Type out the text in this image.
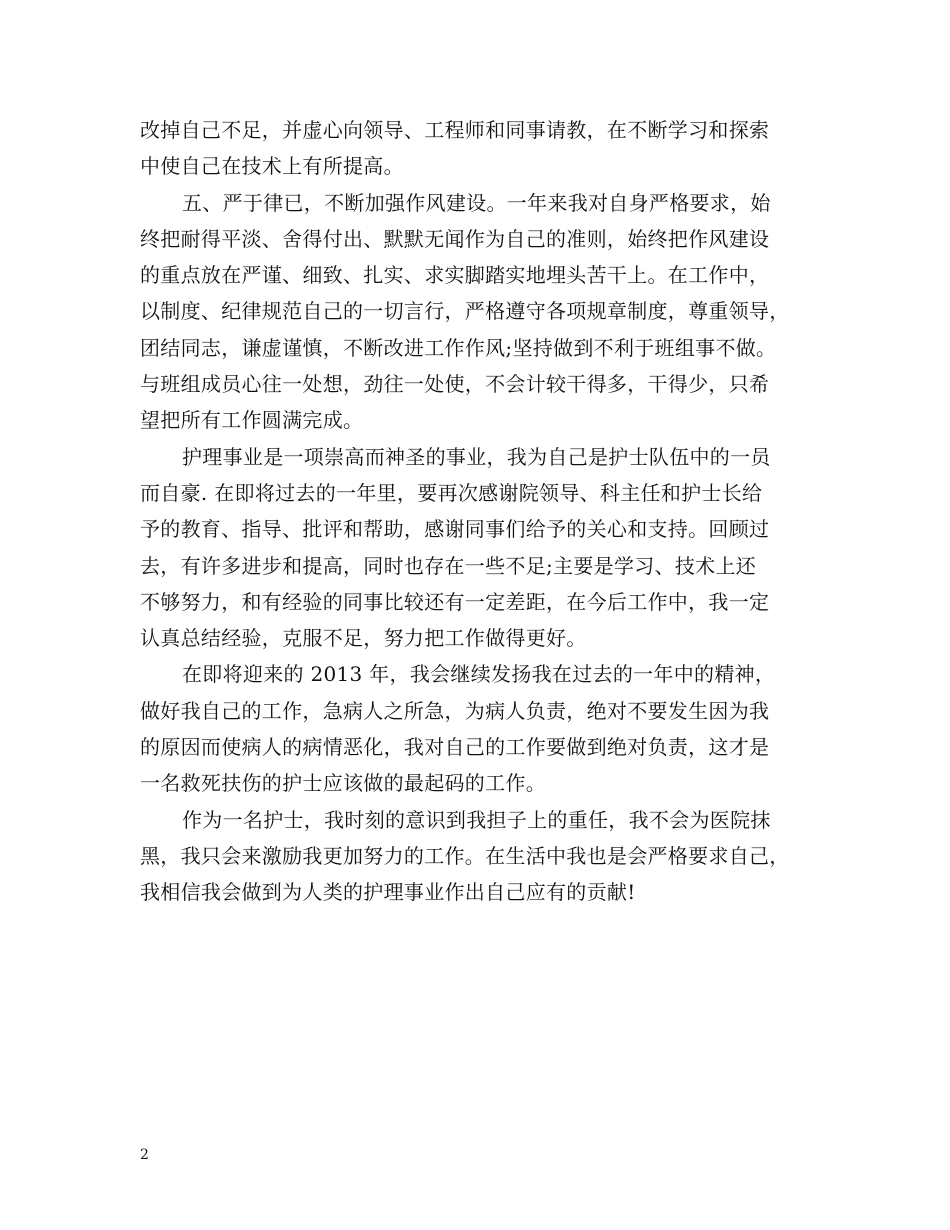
改掉自己不足，并虚心向领导、工程师和同事请教，在不断学习和探索
中使自己在技术上有所提高。
五、严于律已，不断加强作风建设。一年来我对自身严格要求，始
终把耐得平淡、舍得付出、默默无闻作为自己的准则，始终把作风建设
的重点放在严谨、细致、扎实、求实脚踏实地埋头苦干上。在工作中，
以制度、纪律规范自己的一切言行，严格遵守各项规章制度，尊重领导，
团结同志，谦虚谨慎，不断改进工作作风;坚持做到不利于班组事不做。
与班组成员心往一处想，劲往一处使，不会计较干得多，干得少，只希
望把所有工作圆满完成。
护理事业是一项崇高而神圣的事业，我为自己是护士队伍中的一员
而自豪. 在即将过去的一年里，要再次感谢院领导、科主任和护士长给
予的教育、指导、批评和帮助，感谢同事们给予的关心和支持。回顾过
去，有许多进步和提高，同时也存在一些不足;主要是学习、技术上还
不够努力，和有经验的同事比较还有一定差距，在今后工作中，我一定
认真总结经验，克服不足，努力把工作做得更好。
在即将迎来的 2013 年，我会继续发扬我在过去的一年中的精神，
做好我自己的工作，急病人之所急，为病人负责，绝对不要发生因为我
的原因而使病人的病情恶化，我对自己的工作要做到绝对负责，这才是
一名救死扶伤的护士应该做的最起码的工作。
作为一名护士，我时刻的意识到我担子上的重任，我不会为医院抹
黑，我只会来激励我更加努力的工作。在生活中我也是会严格要求自己，
我相信我会做到为人类的护理事业作出自己应有的贡献!
2
